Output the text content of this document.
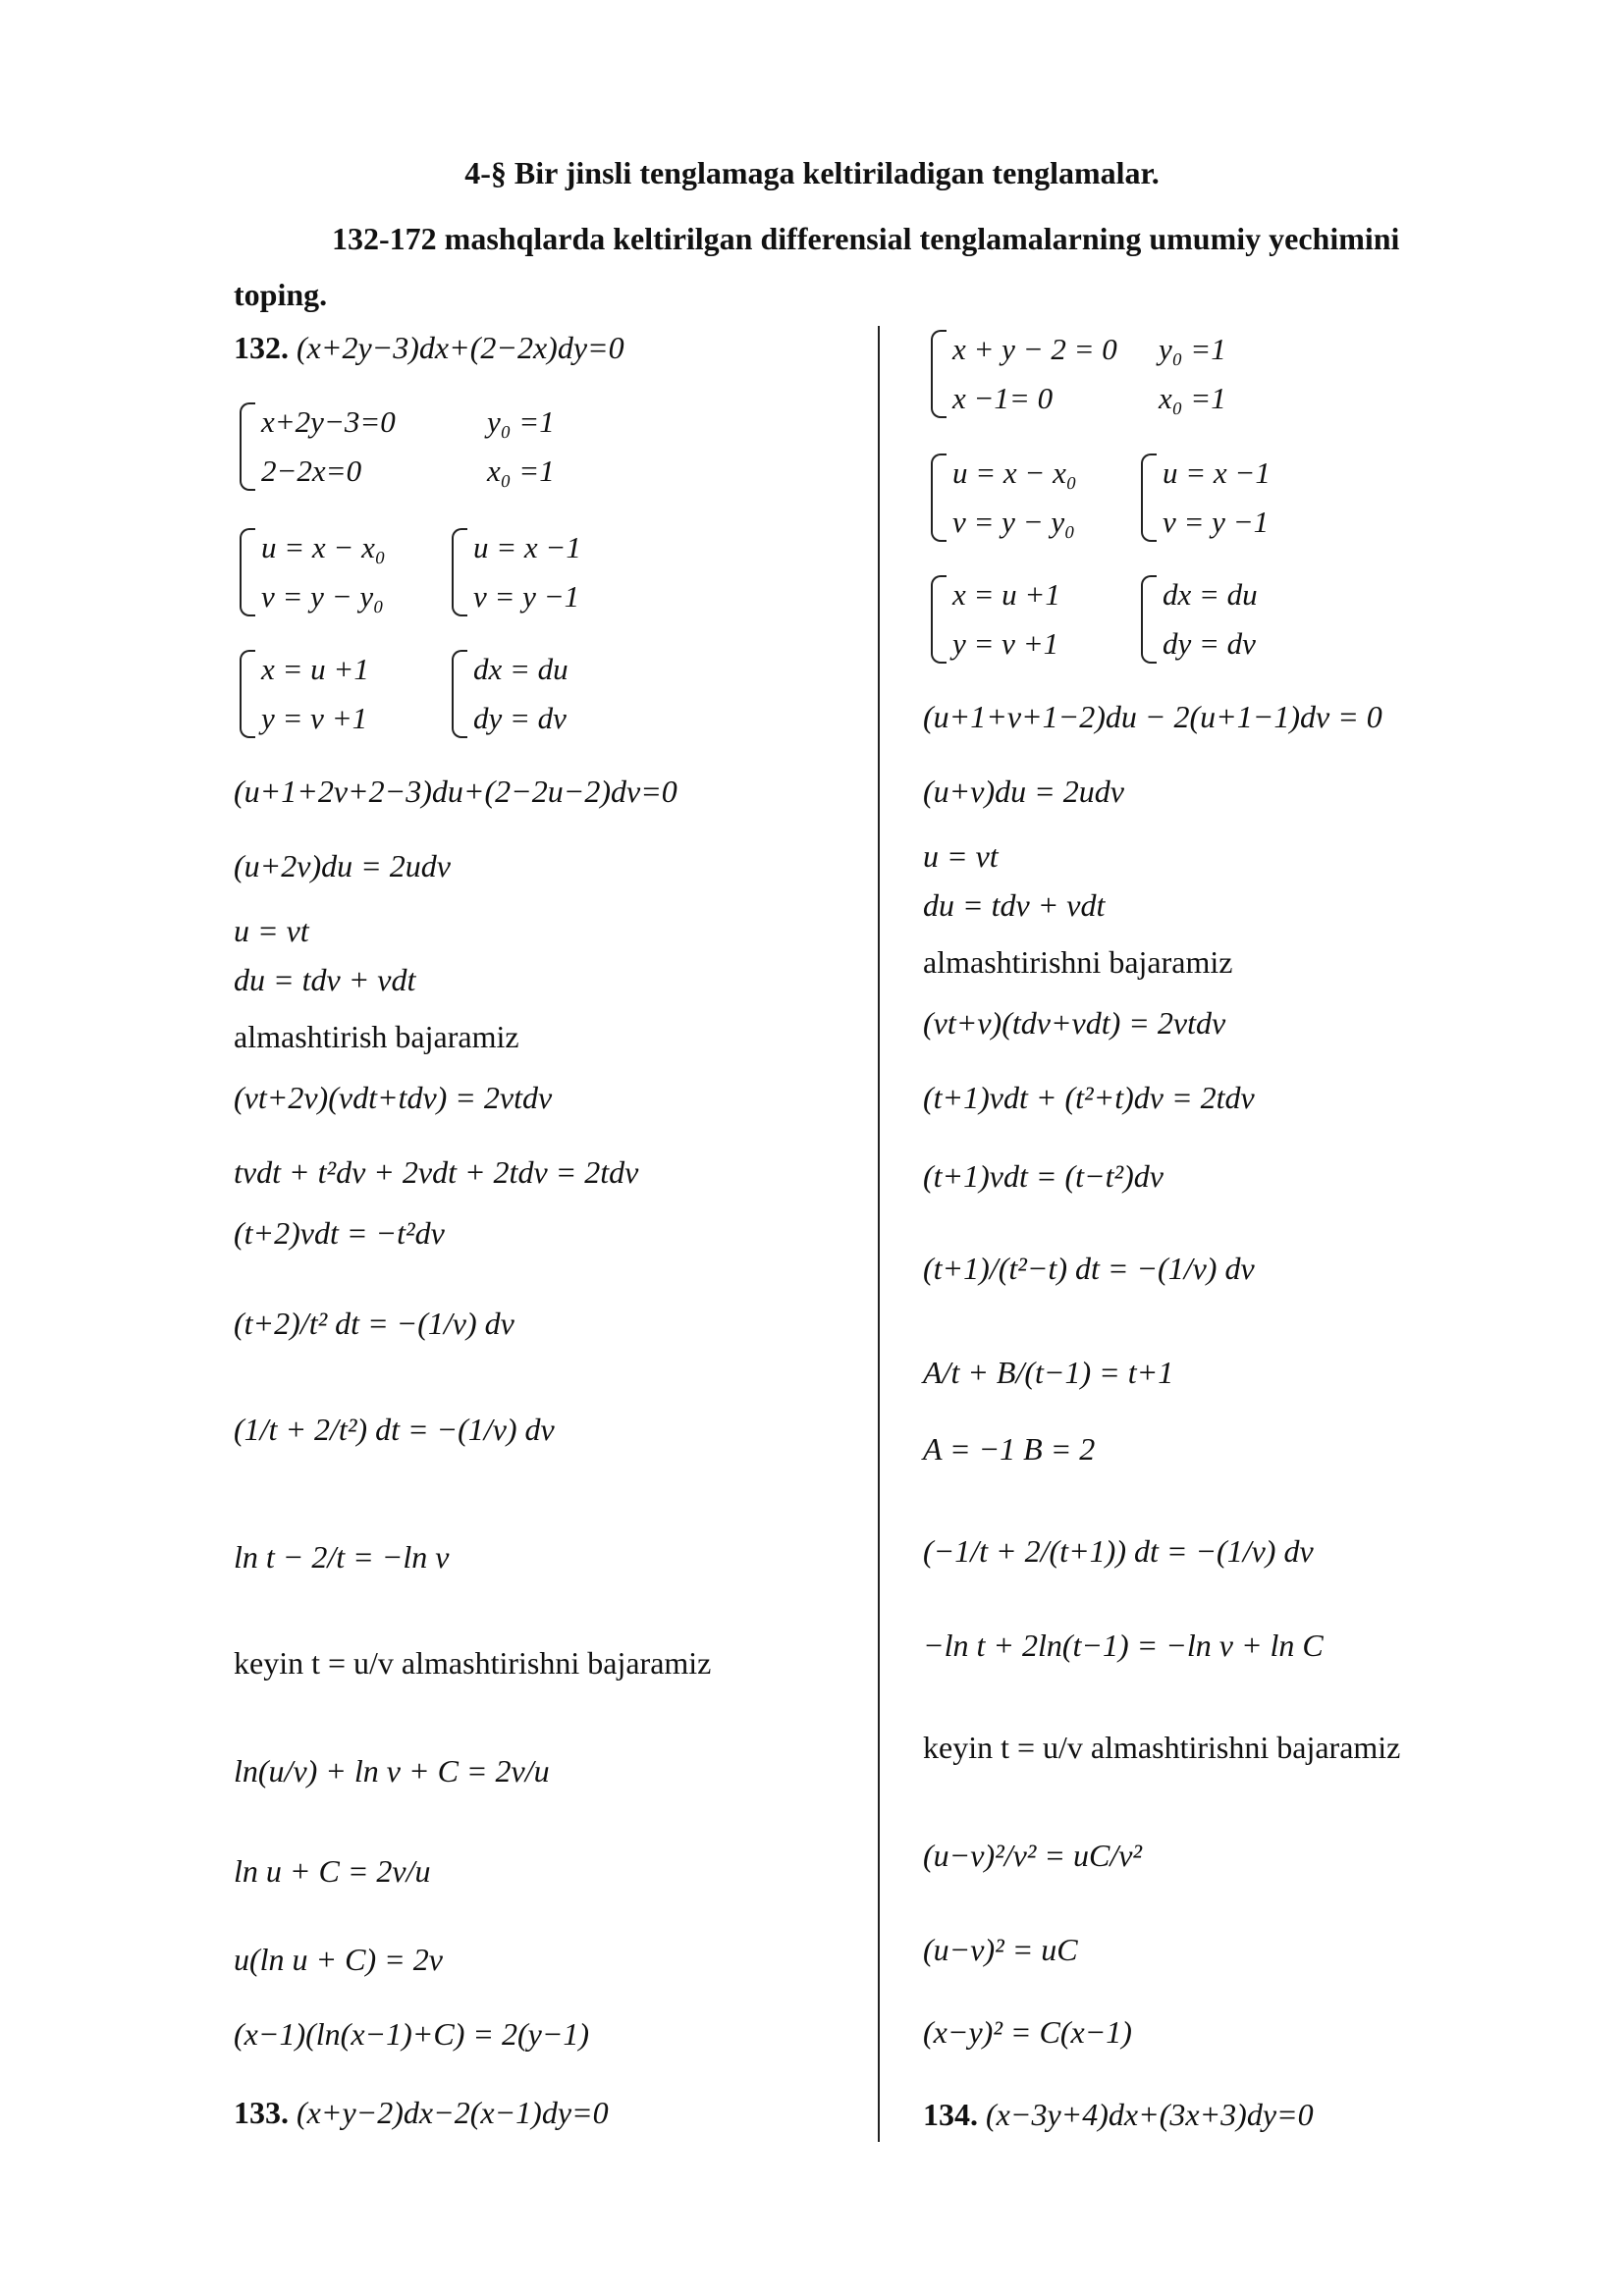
4-§ Bir jinsli tenglamaga keltiriladigan tenglamalar.
132-172 mashqlarda keltirilgan differensial tenglamalarning umumiy yechimini toping.
132. (x+2y−3)dx+(2−2x)dy=0
x+2y−3=0
2−2x=0
y₀ =1
x₀ =1
u = x − x₀
v = y − y₀
u = x −1
v = y −1
x = u +1
y = v +1
dx = du
dy = dv
(u+1+2v+2−3)du+(2−2u−2)dv=0
(u+2v)du = 2udv
u = vt
du = tdv + vdt
almashtirish bajaramiz
(vt+2v)(vdt+tdv) = 2vtdv
tvdt + t²dv + 2vdt + 2tdv = 2tdv
(t+2)vdt = −t²dv
(t+2)/t² dt = −(1/v) dv
(1/t + 2/t²) dt = −(1/v) dv
ln t − 2/t = −ln v
keyin t = u/v almashtirishni bajaramiz
ln(u/v) + ln v + C = 2v/u
ln u + C = 2v/u
u(ln u + C) = 2v
(x−1)(ln(x−1)+C) = 2(y−1)
133. (x+y−2)dx−2(x−1)dy=0
x + y − 2 = 0
x −1= 0
y₀ =1
x₀ =1
u = x − x₀
v = y − y₀
u = x −1
v = y −1
x = u +1
y = v +1
dx = du
dy = dv
(u+1+v+1−2)du − 2(u+1−1)dv = 0
(u+v)du = 2udv
u = vt
du = tdv + vdt
almashtirishni bajaramiz
(vt+v)(tdv+vdt) = 2vtdv
(t+1)vdt + (t²+t)dv = 2tdv
(t+1)vdt = (t−t²)dv
(t+1)/(t²−t) dt = −(1/v) dv
A/t + B/(t−1) = t+1
A = −1 B = 2
(−1/t + 2/(t+1)) dt = −(1/v) dv
−ln t + 2ln(t−1) = −ln v + ln C
keyin t = u/v almashtirishni bajaramiz
(u−v)²/v² = uC/v²
(u−v)² = uC
(x−y)² = C(x−1)
134. (x−3y+4)dx+(3x+3)dy=0
